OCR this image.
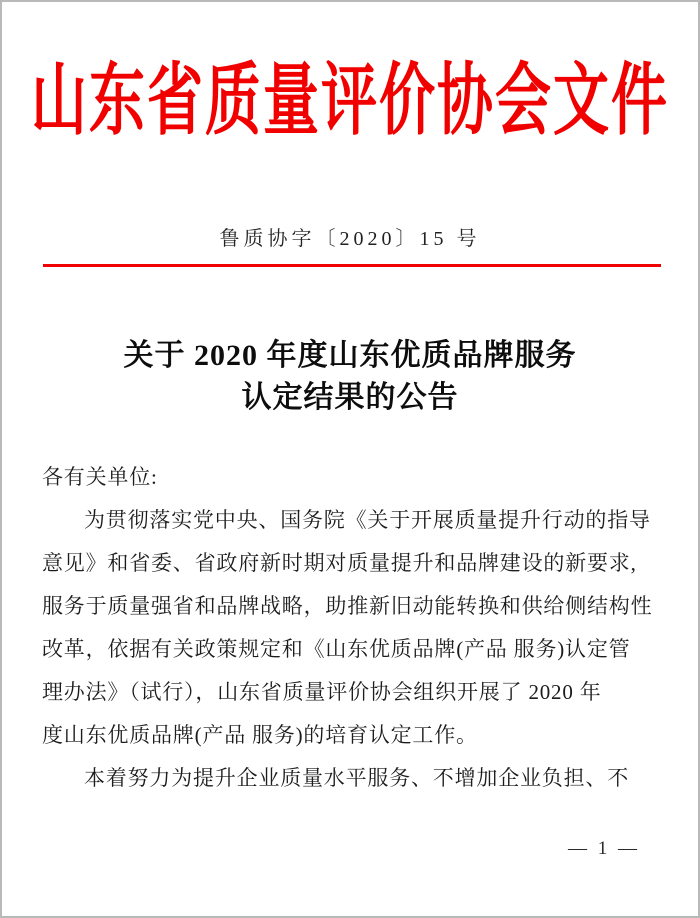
山东省质量评价协会文件
鲁质协字〔2020〕15 号
关于 2020 年度山东优质品牌服务
认定结果的公告
各有关单位:
为贯彻落实党中央、国务院《关于开展质量提升行动的指导
意见》和省委、省政府新时期对质量提升和品牌建设的新要求,
服务于质量强省和品牌战略，助推新旧动能转换和供给侧结构性
改革，依据有关政策规定和《山东优质品牌(产品 服务)认定管
理办法》（试行），山东省质量评价协会组织开展了 2020 年
度山东优质品牌(产品 服务)的培育认定工作。
本着努力为提升企业质量水平服务、不增加企业负担、不
— 1 —
